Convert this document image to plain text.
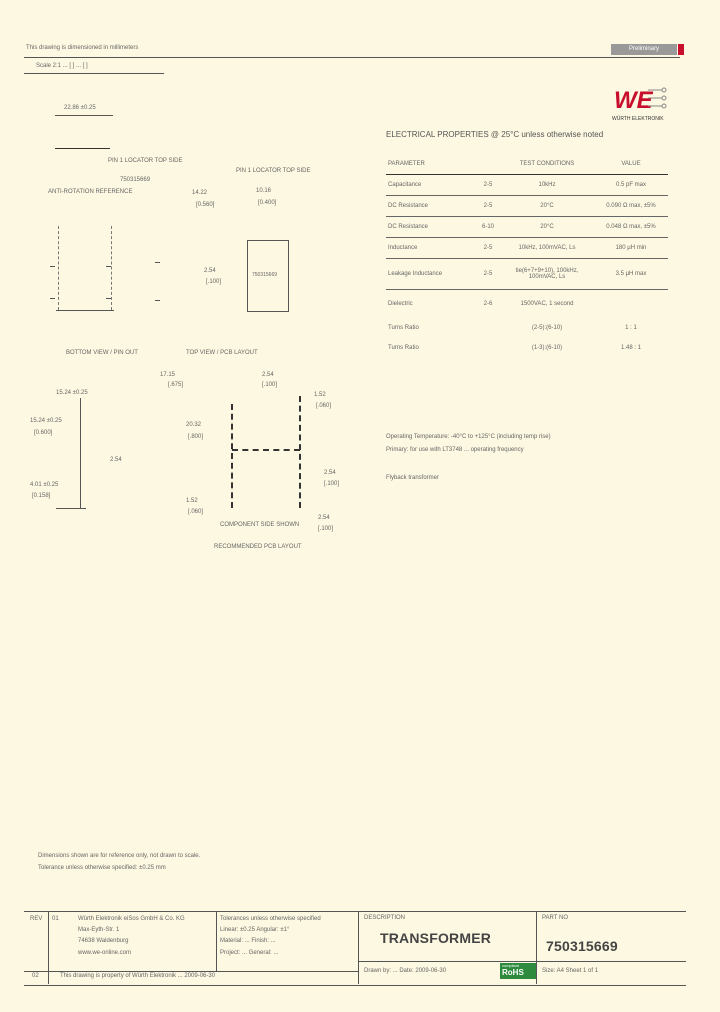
This drawing is dimensioned in millimeters
Scale 2:1 ... [ ] ... [ ]
Preliminary
WE
WÜRTH ELEKTRONIK
ELECTRICAL PROPERTIES @ 25°C unless otherwise noted
PARAMETER		TEST CONDITIONS	VALUE
Capacitance	2-5	10kHz	0.5 pF max
DC Resistance	2-5	20°C	0.090 Ω max, ±5%
DC Resistance	6-10	20°C	0.048 Ω max, ±5%
Inductance	2-5	10kHz, 100mVAC, Ls	180 μH min
Leakage Inductance	2-5	tie(6+7+9+10), 100kHz, 100mVAC, Ls	3.5 μH max
Dielectric	2-6	1500VAC, 1 second	
Turns Ratio		(2-5):(6-10)	1 : 1
Turns Ratio		(1-3):(6-10)	1.48 : 1
Operating Temperature: -40°C to +125°C (including temp rise)
Primary: for use with LT3748 ... operating frequency
Flyback transformer
22.86 ±0.25
PIN 1 LOCATOR TOP SIDE
750315669
ANTI-ROTATION REFERENCE	14.22
[0.560]
BOTTOM VIEW / PIN OUT
PIN 1 LOCATOR TOP SIDE
10.16
[0.400]
750315669
2.54
[.100]
TOP VIEW / PCB LAYOUT
15.24 ±0.25
15.24 ±0.25
[0.600]
4.01 ±0.25
[0.158]
2.54
17.15
[.675]
2.54
[.100]
1.52
[.060]
20.32
[.800]
1.52
[.060]
2.54
[.100]
2.54
[.100]
COMPONENT SIDE SHOWN
RECOMMENDED PCB LAYOUT
Dimensions shown are for reference only, not drawn to scale.
Tolerance unless otherwise specified: ±0.25 mm
REV 01
02
Würth Elektronik eiSos GmbH & Co. KG
Max-Eyth-Str. 1
74638 Waldenburg
www.we-online.com
Tolerances unless otherwise specified
Linear: ±0.25 Angular: ±1°
Material: ... Finish: ...
Project: ... General: ...
This drawing is property of Würth Elektronik ... 2009-06-30
DESCRIPTION
TRANSFORMER
Drawn by: ... Date: 2009-06-30
PART NO
750315669
compliant
RoHS	Size: A4 Sheet 1 of 1
